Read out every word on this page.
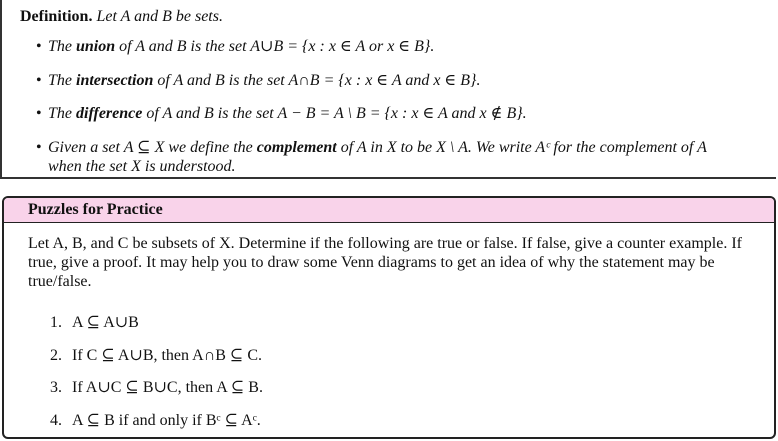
Definition. Let A and B be sets.
• The union of A and B is the set A∪B = {x : x ∈ A or x ∈ B}.
• The intersection of A and B is the set A∩B = {x : x ∈ A and x ∈ B}.
• The difference of A and B is the set A − B = A \ B = {x : x ∈ A and x ∉ B}.
• Given a set A ⊆ X we define the complement of A in X to be X \ A. We write Aᶜ for the complement of A
when the set X is understood.
Puzzles for Practice
Let A, B, and C be subsets of X. Determine if the following are true or false. If false, give a counter example. If true, give a proof. It may help you to draw some Venn diagrams to get an idea of why the statement may be true/false.
1. A ⊆ A∪B
2. If C ⊆ A∪B, then A∩B ⊆ C.
3. If A∪C ⊆ B∪C, then A ⊆ B.
4. A ⊆ B if and only if Bᶜ ⊆ Aᶜ.
